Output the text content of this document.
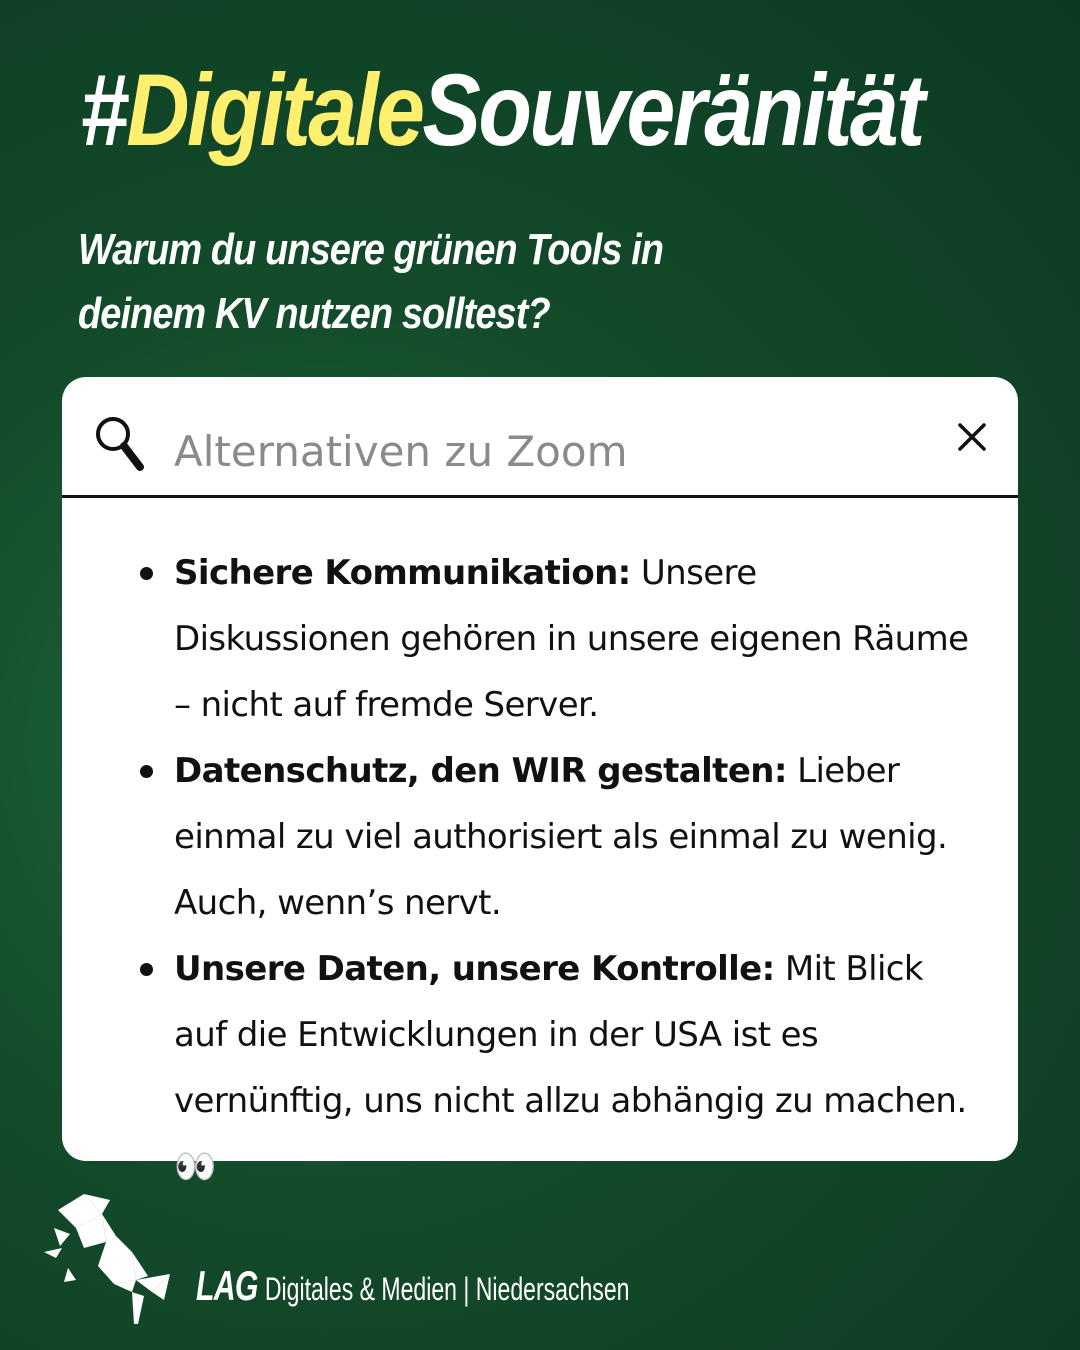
#DigitaleSouveränität
Warum du unsere grünen Tools in
deinem KV nutzen solltest?
Alternativen zu Zoom
Sichere Kommunikation: Unsere Diskussionen gehören in unsere eigenen Räume – nicht auf fremde Server.
Datenschutz, den WIR gestalten: Lieber einmal zu viel authorisiert als einmal zu wenig. Auch, wenn’s nervt.
Unsere Daten, unsere Kontrolle: Mit Blick auf die Entwicklungen in der USA ist es vernünftig, uns nicht allzu abhängig zu machen. 👀
LAG Digitales & Medien | Niedersachsen
